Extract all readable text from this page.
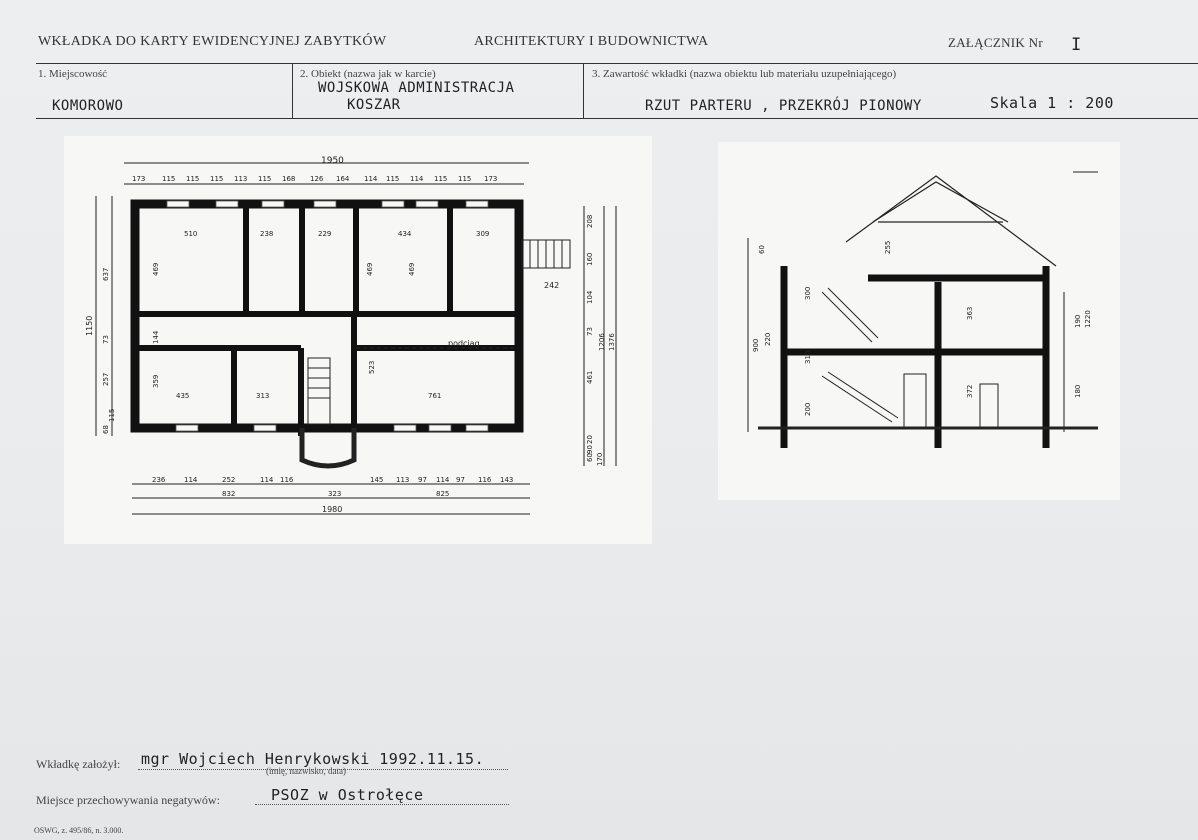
WKŁADKA DO KARTY EWIDENCYJNEJ ZABYTKÓW	ARCHITEKTURY I BUDOWNICTWA	ZAŁĄCZNIK Nr I
1. Miejscowość
KOMOROWO
2. Obiekt (nazwa jak w karcie)
WOJSKOWA ADMINISTRACJA
KOSZAR
3. Zawartość wkładki (nazwa obiektu lub materiału uzupełniającego)
RZUT PARTERU , PRZEKRÓJ PIONOWY	Skala 1 : 200
1950
173 115 115 115 113 115 168 126 164 114 115 114 115 115 173
510	238	229	434	309
435	313	761
podciąg
242
1150
1206 1376
170
637
73
257
68
115
208
160
104
73
461
20
90
60
469	469
144
359
523
469
236	114	252	114 116	145 113 97 114 97 116 143
832	323	825
1980
60	255
300
363
310
220
900
190 1220
180
200
372
Wkładkę założył: mgr Wojciech Henrykowski 1992.11.15.
(imię, nazwisko, data)
Miejsce przechowywania negatywów:	PSOZ w Ostrołęce
OSWG, z. 495/86, n. 3.000.
